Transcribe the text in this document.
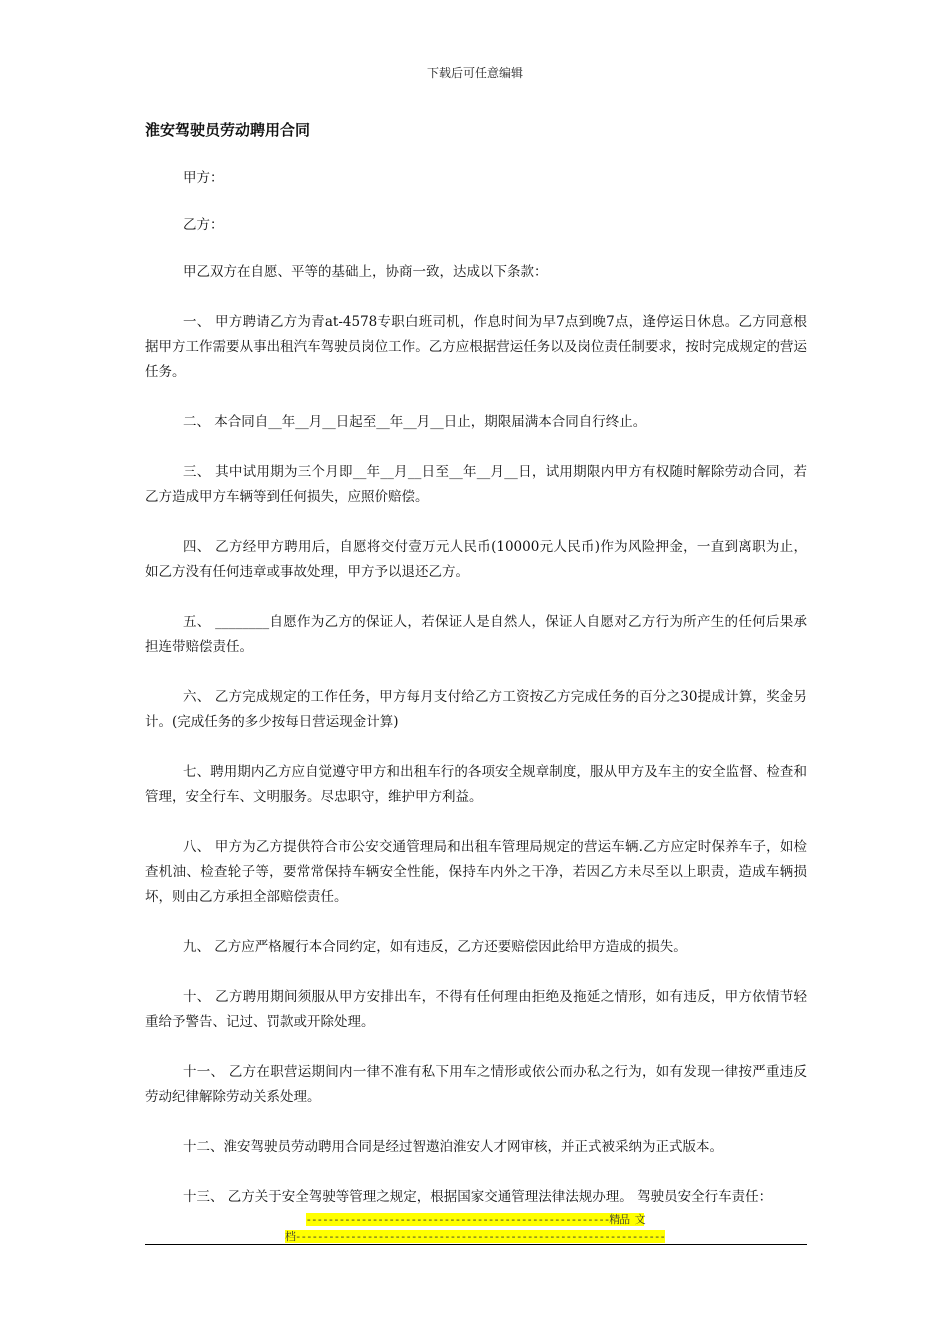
下载后可任意编辑
淮安驾驶员劳动聘用合同

甲方：

乙方：

甲乙双方在自愿、平等的基础上，协商一致，达成以下条款：

一、 甲方聘请乙方为青at-4578专职白班司机，作息时间为早7点到晚7点，逢停运日休息。乙方同意根据甲方工作需要从事出租汽车驾驶员岗位工作。乙方应根据营运任务以及岗位责任制要求，按时完成规定的营运任务。

二、 本合同自__年__月__日起至__年__月__日止，期限届满本合同自行终止。

三、 其中试用期为三个月即__年__月__日至__年__月__日，试用期限内甲方有权随时解除劳动合同，若乙方造成甲方车辆等到任何损失，应照价赔偿。

四、 乙方经甲方聘用后，自愿将交付壹万元人民币(10000元人民币)作为风险押金，一直到离职为止，如乙方没有任何违章或事故处理，甲方予以退还乙方。

五、 ________自愿作为乙方的保证人，若保证人是自然人，保证人自愿对乙方行为所产生的任何后果承担连带赔偿责任。

六、 乙方完成规定的工作任务，甲方每月支付给乙方工资按乙方完成任务的百分之30提成计算，奖金另计。(完成任务的多少按每日营运现金计算)

七、聘用期内乙方应自觉遵守甲方和出租车行的各项安全规章制度，服从甲方及车主的安全监督、检查和管理，安全行车、文明服务。尽忠职守，维护甲方利益。

八、 甲方为乙方提供符合市公安交通管理局和出租车管理局规定的营运车辆.乙方应定时保养车子，如检查机油、检查轮子等，要常常保持车辆安全性能，保持车内外之干净，若因乙方未尽至以上职责，造成车辆损坏，则由乙方承担全部赔偿责任。

九、 乙方应严格履行本合同约定，如有违反，乙方还要赔偿因此给甲方造成的损失。

十、 乙方聘用期间须服从甲方安排出车，不得有任何理由拒绝及拖延之情形，如有违反，甲方依情节轻重给予警告、记过、罚款或开除处理。

十一、 乙方在职营运期间内一律不准有私下用车之情形或依公而办私之行为，如有发现一律按严重违反劳动纪律解除劳动关系处理。

十二、淮安驾驶员劳动聘用合同是经过智遨泊淮安人才网审核，并正式被采纳为正式版本。

十三、 乙方关于安全驾驶等管理之规定，根据国家交通管理法律法规办理。 驾驶员安全行车责任：

-------------------------------------------------------精品 文
档-------------------------------------------------------------------
